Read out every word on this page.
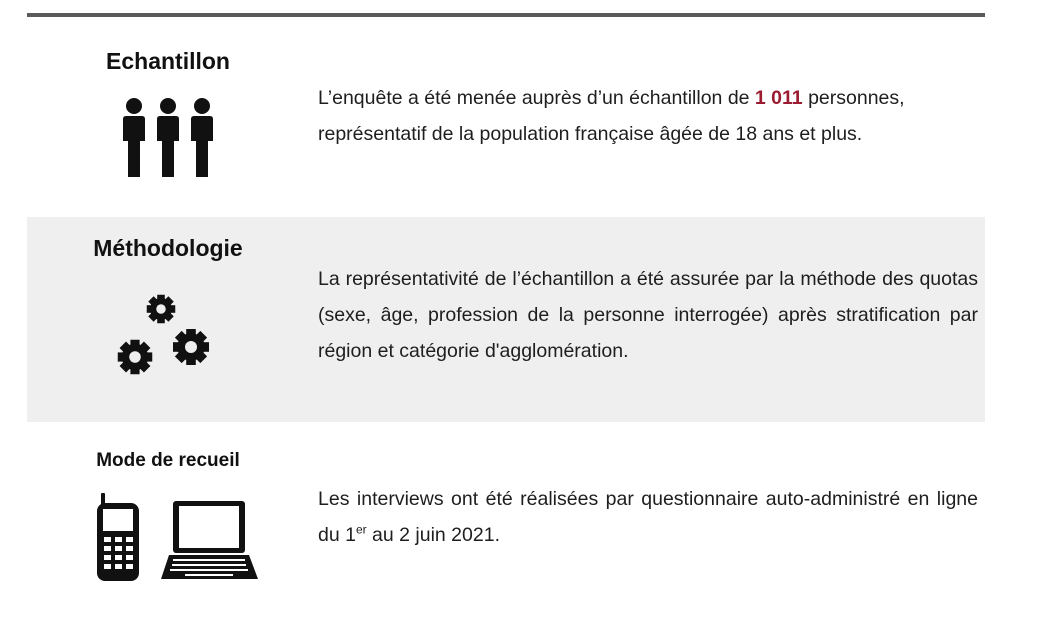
Echantillon
L’enquête a été menée auprès d’un échantillon de 1 011 personnes, représentatif de la population française âgée de 18 ans et plus.
Méthodologie
La représentativité de l’échantillon a été assurée par la méthode des quotas (sexe, âge, profession de la personne interrogée) après stratification par région et catégorie d'agglomération.
Mode de recueil
Les interviews ont été réalisées par questionnaire auto-administré en ligne du 1er au 2 juin 2021.
